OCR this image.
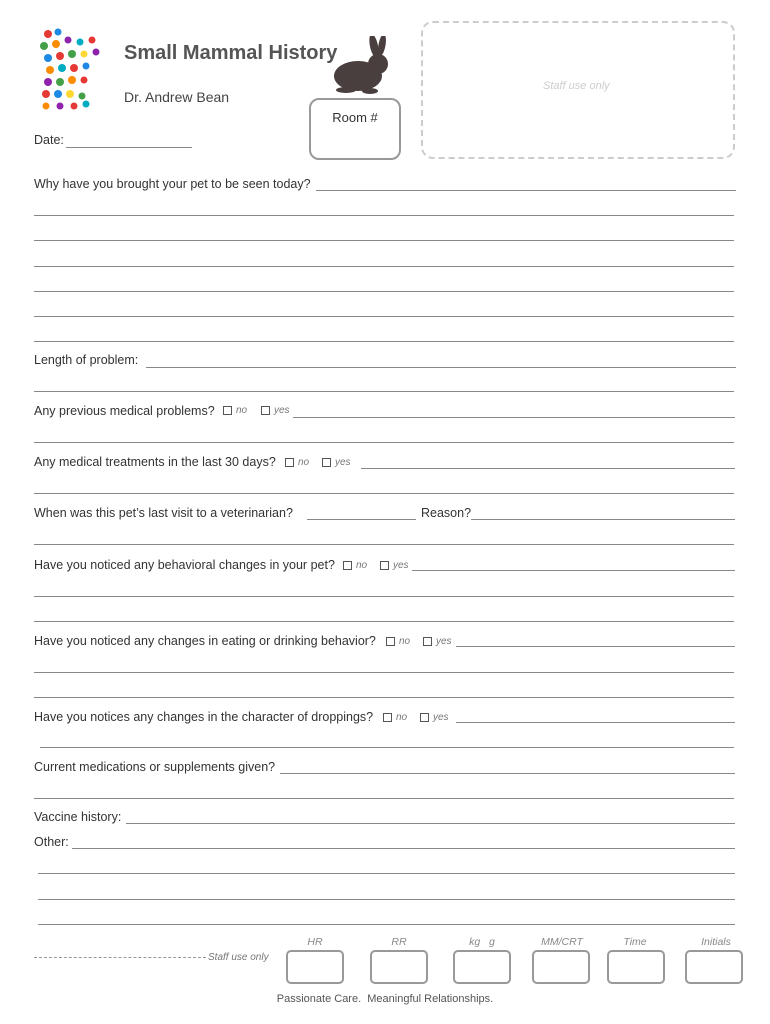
Small Mammal History
Dr. Andrew Bean
Room #
Staff use only
Date:
Why have you brought your pet to be seen today?
Length of problem:
Any previous medical problems? no	yes
Any medical treatments in the last 30 days? no	yes
When was this pet’s last visit to a veterinarian?	Reason?
Have you noticed any behavioral changes in your pet? no	yes
Have you noticed any changes in eating or drinking behavior? no	yes
Have you notices any changes in the character of droppings? no	yes
Current medications or supplements given?
Vaccine history:
Other:
Staff use only
HR	RR	kg   g	MM/CRT	Time	Initials
Passionate Care.  Meaningful Relationships.
